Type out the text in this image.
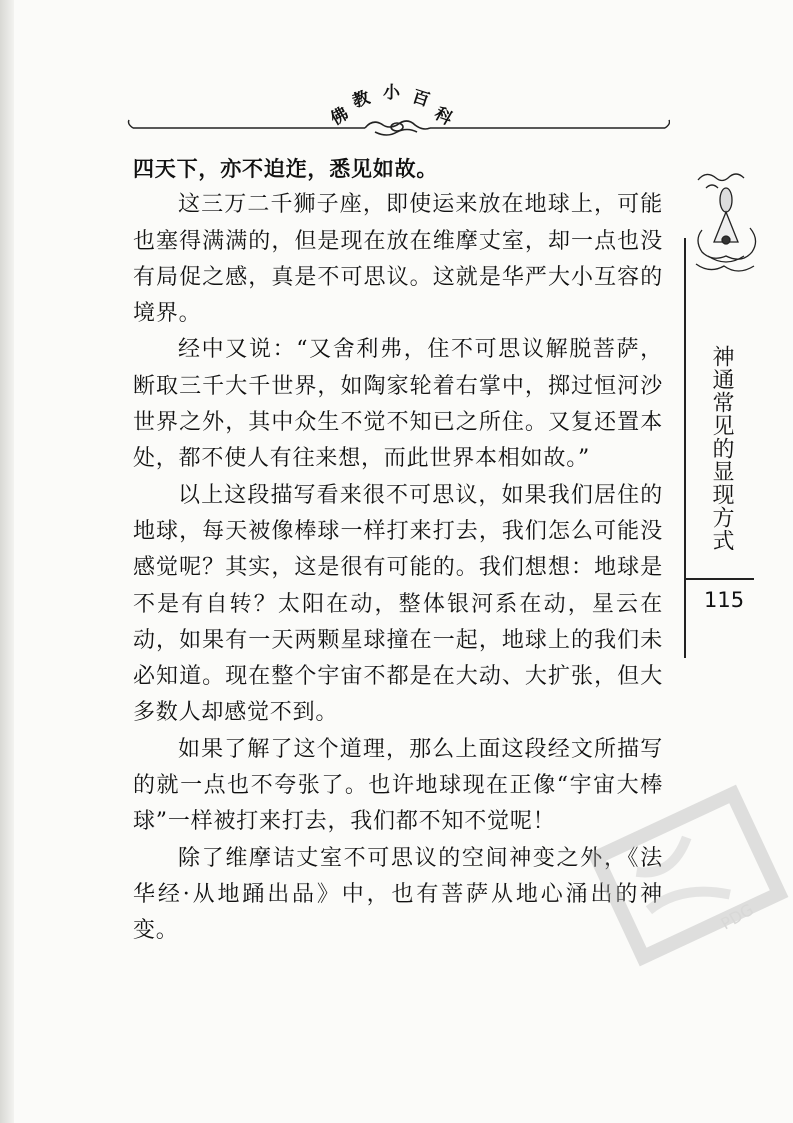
佛
教 小 百
科

四天下，亦不迫迮，悉见如故。

这三万二千狮子座，即使运来放在地球上，可能也塞得满满的，但是现在放在维摩丈室，却一点也没有局促之感，真是不可思议。这就是华严大小互容的境界。

经中又说：“又舍利弗，住不可思议解脱菩萨，断取三千大千世界，如陶家轮着右掌中，掷过恒河沙世界之外，其中众生不觉不知已之所住。又复还置本处，都不使人有往来想，而此世界本相如故。”

以上这段描写看来很不可思议，如果我们居住的地球，每天被像棒球一样打来打去，我们怎么可能没感觉呢？其实，这是很有可能的。我们想想：地球是不是有自转？太阳在动，整体银河系在动，星云在动，如果有一天两颗星球撞在一起，地球上的我们未必知道。现在整个宇宙不都是在大动、大扩张，但大多数人却感觉不到。

如果了解了这个道理，那么上面这段经文所描写的就一点也不夸张了。也许地球现在正像“宇宙大棒球”一样被打来打去，我们都不知不觉呢！

除了维摩诘丈室不可思议的空间神变之外，《法华经·从地踊出品》中，也有菩萨从地心涌出的神变。

神通常见的显现方式
115
PDG
